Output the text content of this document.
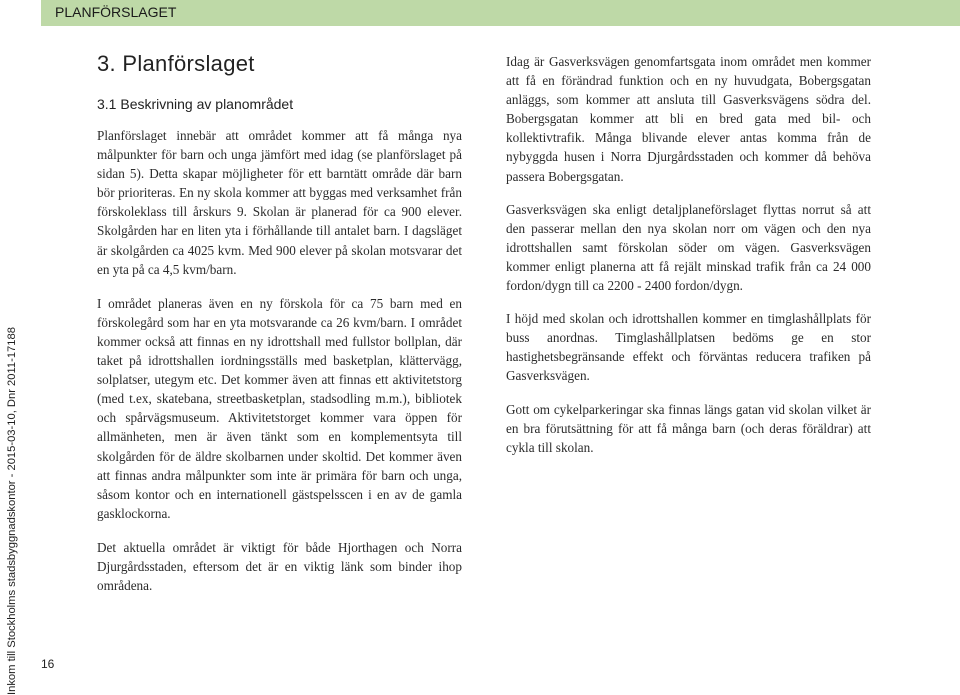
PLANFÖRSLAGET
Inkom till Stockholms stadsbyggnadskontor - 2015-03-10, Dnr 2011-17188 16
3. Planförslaget
3.1 Beskrivning av planområdet

Planförslaget innebär att området kommer att få många nya målpunkter för barn och unga jämfört med idag (se planförslaget på sidan 5). Detta skapar möjligheter för ett barntätt område där barn bör prioriteras. En ny skola kommer att byggas med verksamhet från förskoleklass till årskurs 9. Skolan är planerad för ca 900 elever. Skolgården har en liten yta i förhållande till antalet barn. I dagsläget är skolgården ca 4025 kvm. Med 900 elever på skolan motsvarar det en yta på ca 4,5 kvm/barn.

I området planeras även en ny förskola för ca 75 barn med en förskolegård som har en yta motsvarande ca 26 kvm/barn. I området kommer också att finnas en ny idrottshall med fullstor bollplan, där taket på idrottshallen iordningsställs med basketplan, klättervägg, solplatser, utegym etc. Det kommer även att finnas ett aktivitetstorg (med t.ex, skatebana, streetbasketplan, stadsodling m.m.), bibliotek och spårvägsmuseum. Aktivitetstorget kommer vara öppen för allmänheten, men är även tänkt som en komplementsyta till skolgården för de äldre skolbarnen under skoltid. Det kommer även att finnas andra målpunkter som inte är primära för barn och unga, såsom kontor och en internationell gästspelsscen i en av de gamla gasklockorna.

Det aktuella området är viktigt för både Hjorthagen och Norra Djurgårdsstaden, eftersom det är en viktig länk som binder ihop områdena.

Idag är Gasverksvägen genomfartsgata inom området men kommer att få en förändrad funktion och en ny huvudgata, Bobergsgatan anläggs, som kommer att ansluta till Gasverksvägens södra del. Bobergsgatan kommer att bli en bred gata med bil- och kollektivtrafik. Många blivande elever antas komma från de nybyggda husen i Norra Djurgårdsstaden och kommer då behöva passera Bobergsgatan.

Gasverksvägen ska enligt detaljplaneförslaget flyttas norrut så att den passerar mellan den nya skolan norr om vägen och den nya idrottshallen samt förskolan söder om vägen. Gasverksvägen kommer enligt planerna att få rejält minskad trafik från ca 24 000 fordon/dygn till ca 2200 - 2400 fordon/dygn.

I höjd med skolan och idrottshallen kommer en timglashållplats för buss anordnas. Timglashållplatsen bedöms ge en stor hastighetsbegränsande effekt och förväntas reducera trafiken på Gasverksvägen.

Gott om cykelparkeringar ska finnas längs gatan vid skolan vilket är en bra förutsättning för att få många barn (och deras föräldrar) att cykla till skolan.
